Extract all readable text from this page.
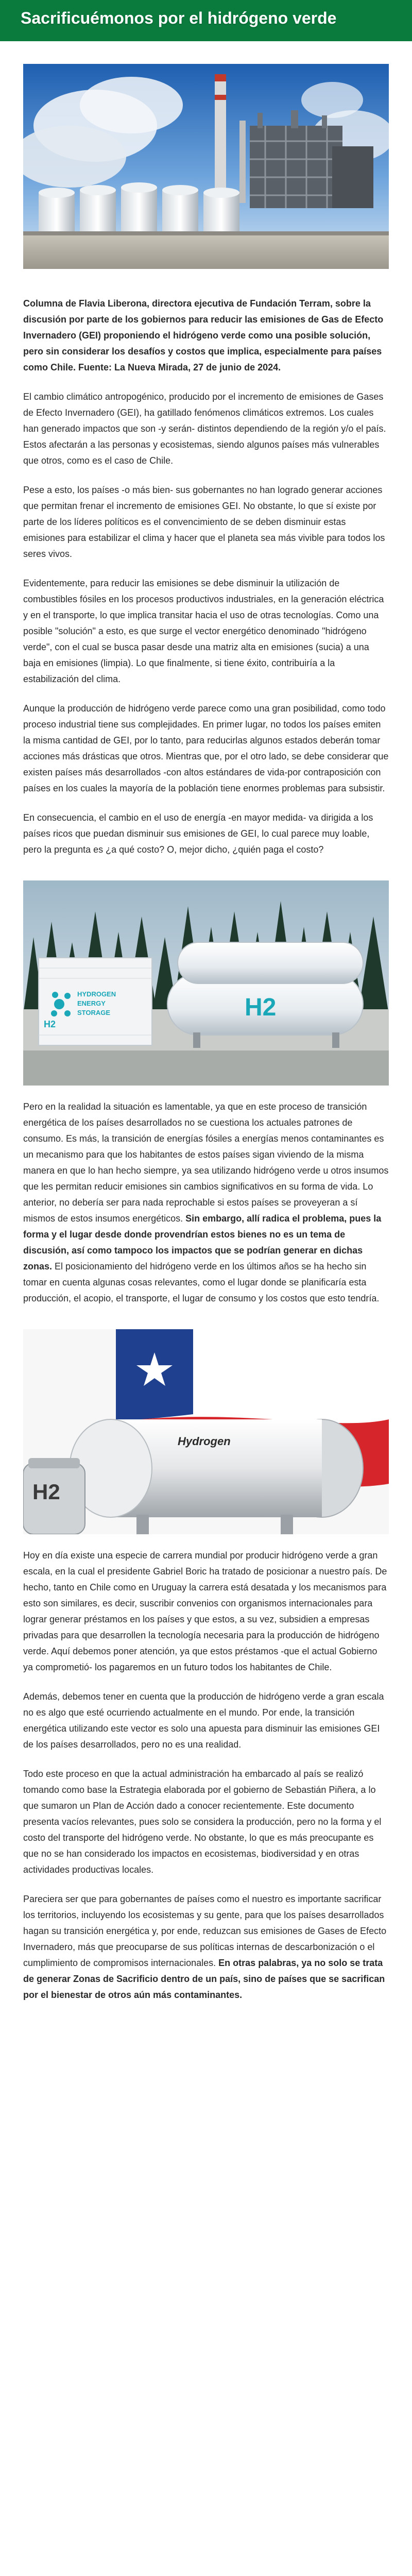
Sacrificuémonos por el hidrógeno verde

Columna de Flavia Liberona, directora ejecutiva de Fundación Terram, sobre la discusión por parte de los gobiernos para reducir las emisiones de Gas de Efecto Invernadero (GEI) proponiendo el hidrógeno verde como una posible solución, pero sin considerar los desafíos y costos que implica, especialmente para países como Chile. Fuente: La Nueva Mirada, 27 de junio de 2024.

El cambio climático antropogénico, producido por el incremento de emisiones de Gases de Efecto Invernadero (GEI), ha gatillado fenómenos climáticos extremos. Los cuales han generado impactos que son -y serán- distintos dependiendo de la región y/o el país. Estos afectarán a las personas y ecosistemas, siendo algunos países más vulnerables que otros, como es el caso de Chile.

Pese a esto, los países -o más bien- sus gobernantes no han logrado generar acciones que permitan frenar el incremento de emisiones GEI. No obstante, lo que sí existe por parte de los líderes políticos es el convencimiento de se deben disminuir estas emisiones para estabilizar el clima y hacer que el planeta sea más vivible para todos los seres vivos.

Evidentemente, para reducir las emisiones se debe disminuir la utilización de combustibles fósiles en los procesos productivos industriales, en la generación eléctrica y en el transporte, lo que implica transitar hacia el uso de otras tecnologías. Como una posible "solución" a esto, es que surge el vector energético denominado "hidrógeno verde", con el cual se busca pasar desde una matriz alta en emisiones (sucia) a una baja en emisiones (limpia). Lo que finalmente, si tiene éxito, contribuiría a la estabilización del clima.

Aunque la producción de hidrógeno verde parece como una gran posibilidad, como todo proceso industrial tiene sus complejidades. En primer lugar, no todos los países emiten la misma cantidad de GEI, por lo tanto, para reducirlas algunos estados deberán tomar acciones más drásticas que otros. Mientras que, por el otro lado, se debe considerar que existen países más desarrollados -con altos estándares de vida-por contraposición con países en los cuales la mayoría de la población tiene enormes problemas para subsistir.

En consecuencia, el cambio en el uso de energía -en mayor medida- va dirigida a los países ricos que puedan disminuir sus emisiones de GEI, lo cual parece muy loable, pero la pregunta es ¿a qué costo? O, mejor dicho, ¿quién paga el costo?

HYDROGEN
ENERGY
STORAGE
H2
H2

Pero en la realidad la situación es lamentable, ya que en este proceso de transición energética de los países desarrollados no se cuestiona los actuales patrones de consumo. Es más, la transición de energías fósiles a energías menos contaminantes es un mecanismo para que los habitantes de estos países sigan viviendo de la misma manera en que lo han hecho siempre, ya sea utilizando hidrógeno verde u otros insumos que les permitan reducir emisiones sin cambios significativos en su forma de vida. Lo anterior, no debería ser para nada reprochable si estos países se proveyeran a sí mismos de estos insumos energéticos. Sin embargo, allí radica el problema, pues la forma y el lugar desde donde provendrían estos bienes no es un tema de discusión, así como tampoco los impactos que se podrían generar en dichas zonas. El posicionamiento del hidrógeno verde en los últimos años se ha hecho sin tomar en cuenta algunas cosas relevantes, como el lugar donde se planificaría esta producción, el acopio, el transporte, el lugar de consumo y los costos que esto tendría.

Hydrogen
H2

Hoy en día existe una especie de carrera mundial por producir hidrógeno verde a gran escala, en la cual el presidente Gabriel Boric ha tratado de posicionar a nuestro país. De hecho, tanto en Chile como en Uruguay la carrera está desatada y los mecanismos para esto son similares, es decir, suscribir convenios con organismos internacionales para lograr generar préstamos en los países y que estos, a su vez, subsidien a empresas privadas para que desarrollen la tecnología necesaria para la producción de hidrógeno verde. Aquí debemos poner atención, ya que estos préstamos -que el actual Gobierno ya comprometió- los pagaremos en un futuro todos los habitantes de Chile.

Además, debemos tener en cuenta que la producción de hidrógeno verde a gran escala no es algo que esté ocurriendo actualmente en el mundo. Por ende, la transición energética utilizando este vector es solo una apuesta para disminuir las emisiones GEI de los países desarrollados, pero no es una realidad.

Todo este proceso en que la actual administración ha embarcado al país se realizó tomando como base la Estrategia elaborada por el gobierno de Sebastián Piñera, a lo que sumaron un Plan de Acción dado a conocer recientemente. Este documento presenta vacíos relevantes, pues solo se considera la producción, pero no la forma y el costo del transporte del hidrógeno verde. No obstante, lo que es más preocupante es que no se han considerado los impactos en ecosistemas, biodiversidad y en otras actividades productivas locales.

Pareciera ser que para gobernantes de países como el nuestro es importante sacrificar los territorios, incluyendo los ecosistemas y su gente, para que los países desarrollados hagan su transición energética y, por ende, reduzcan sus emisiones de Gases de Efecto Invernadero, más que preocuparse de sus políticas internas de descarbonización o el cumplimiento de compromisos internacionales. En otras palabras, ya no solo se trata de generar Zonas de Sacrificio dentro de un país, sino de países que se sacrifican por el bienestar de otros aún más contaminantes.
